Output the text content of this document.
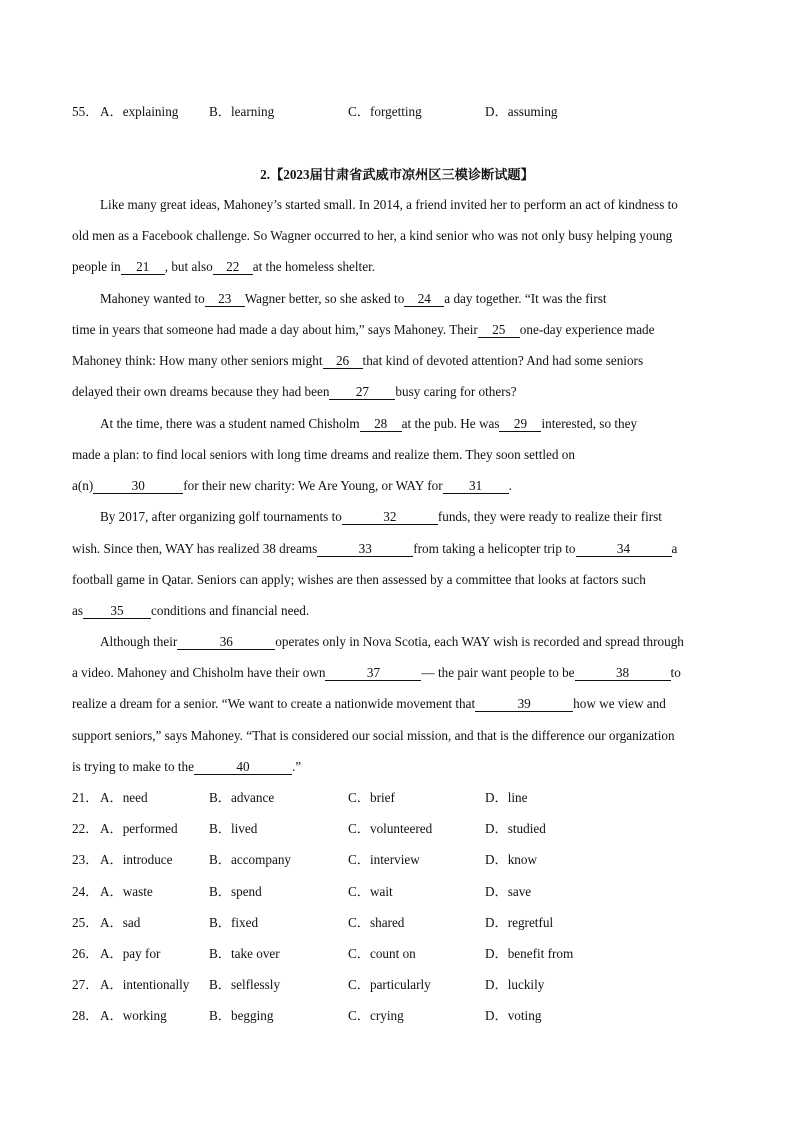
55． A．explaining B．learning	C．forgetting	D．assuming
2.【2023届甘肃省武威市凉州区三模诊断试题】
Like many great ideas, Mahoney’s started small. In 2014, a friend invited her to perform an act of kindness to
old men as a Facebook challenge. So Wagner occurred to her, a kind senior who was not only busy helping young
people in 21 , but also 22 at the homeless shelter.
Mahoney wanted to 23 Wagner better, so she asked to 24 a day together. “It was the first
time in years that someone had made a day about him,” says Mahoney. Their 25 one-day experience made
Mahoney think: How many other seniors might 26 that kind of devoted attention? And had some seniors
delayed their own dreams because they had been 27 busy caring for others?
At the time, there was a student named Chisholm 28 at the pub. He was 29 interested, so they
made a plan: to find local seniors with long time dreams and realize them. They soon settled on
a(n)	30	for their new charity: We Are Young, or WAY for 31 .
By 2017, after organizing golf tournaments to	32	funds, they were ready to realize their first
wish. Since then, WAY has realized 38 dreams	33	from taking a helicopter trip to	34	a
football game in Qatar. Seniors can apply; wishes are then assessed by a committee that looks at factors such
as 35 conditions and financial need.
Although their	36	operates only in Nova Scotia, each WAY wish is recorded and spread through
a video. Mahoney and Chisholm have their own	37	— the pair want people to be	38	to
realize a dream for a senior. “We want to create a nationwide movement that	39	how we view and
support seniors,” says Mahoney. “That is considered our social mission, and that is the difference our organization
is trying to make to the	40	.”
21． A．need	B．advance	C．brief	D．line
22． A．performed B．lived	C．volunteered	D．studied
23． A．introduce	B．accompany	C．interview	D．know
24． A．waste	B．spend	C．wait	D．save
25． A．sad	B．fixed	C．shared	D．regretful
26． A．pay for	B．take over	C．count on	D．benefit from
27． A．intentionally B．selflessly	C．particularly	D．luckily
28． A．working	B．begging	C．crying	D．voting
